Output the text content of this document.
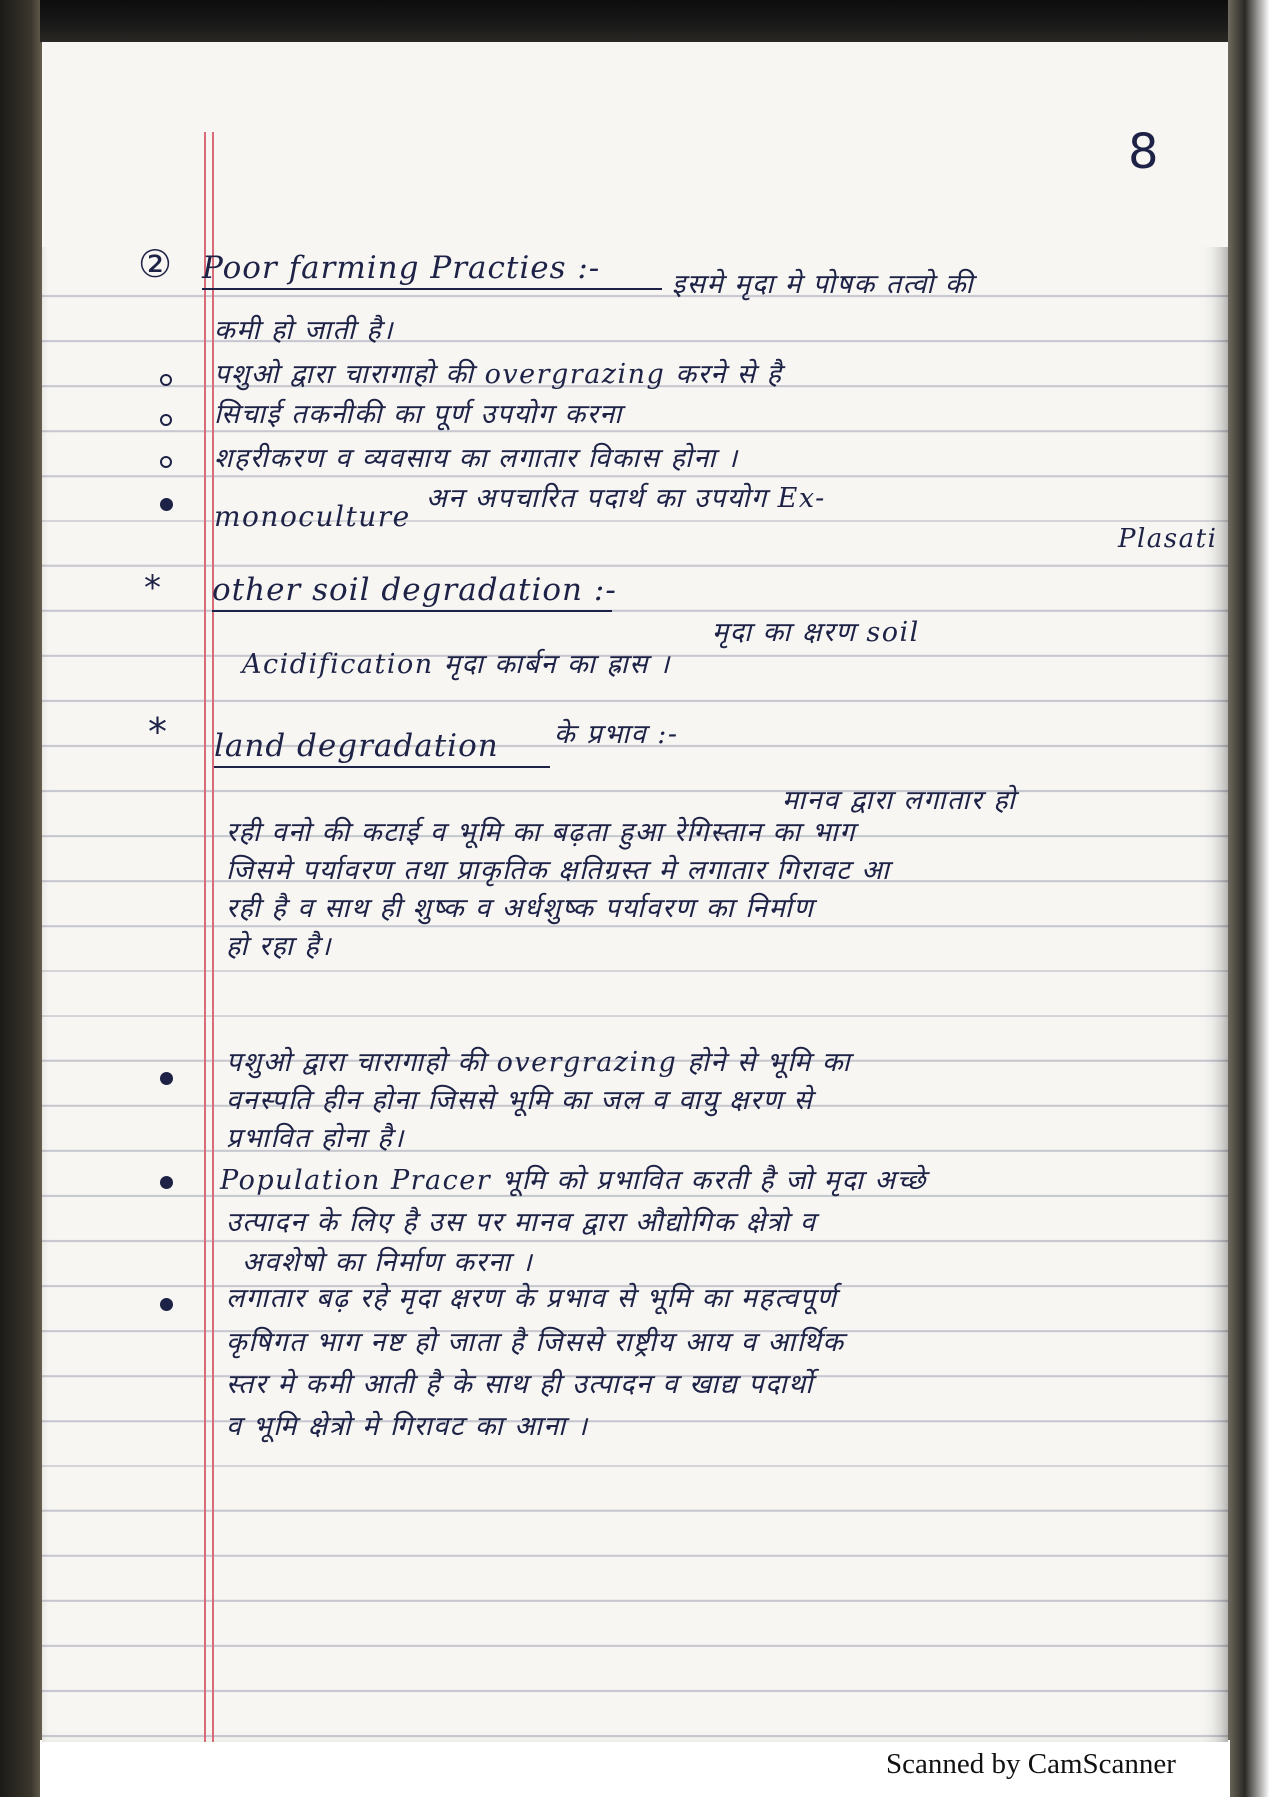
8
② Poor farming Practies :-	इसमे मृदा मे पोषक तत्वो की
कमी हो जाती है।
पशुओ द्वारा चारागाहो की overgrazing करने से है
सिचाई तकनीकी का पूर्ण उपयोग करना
शहरीकरण व व्यवसाय का लगातार विकास होना ।
अन अपचारित पदार्थ का उपयोग Ex-
monoculture
Plasati
* other soil degradation :-
मृदा का क्षरण soil
Acidification मृदा कार्बन का ह्रास ।
* land degradation	के प्रभाव :-
मानव द्वारा लगातार हो
रही वनो की कटाई व भूमि का बढ़ता हुआ रेगिस्तान का भाग
जिसमे पर्यावरण तथा प्राकृतिक क्षतिग्रस्त मे लगातार गिरावट आ
रही है व साथ ही शुष्क व अर्धशुष्क पर्यावरण का निर्माण
हो रहा है।
पशुओ द्वारा चारागाहो की overgrazing होने से भूमि का
वनस्पति हीन होना जिससे भूमि का जल व वायु क्षरण से
प्रभावित होना है।
Population Pracer भूमि को प्रभावित करती है जो मृदा अच्छे
उत्पादन के लिए है उस पर मानव द्वारा औद्योगिक क्षेत्रो व
अवशेषो का निर्माण करना ।
लगातार बढ़ रहे मृदा क्षरण के प्रभाव से भूमि का महत्वपूर्ण
कृषिगत भाग नष्ट हो जाता है जिससे राष्ट्रीय आय व आर्थिक
स्तर मे कमी आती है के साथ ही उत्पादन व खाद्य पदार्थो
व भूमि क्षेत्रो मे गिरावट का आना ।
Scanned by CamScanner
